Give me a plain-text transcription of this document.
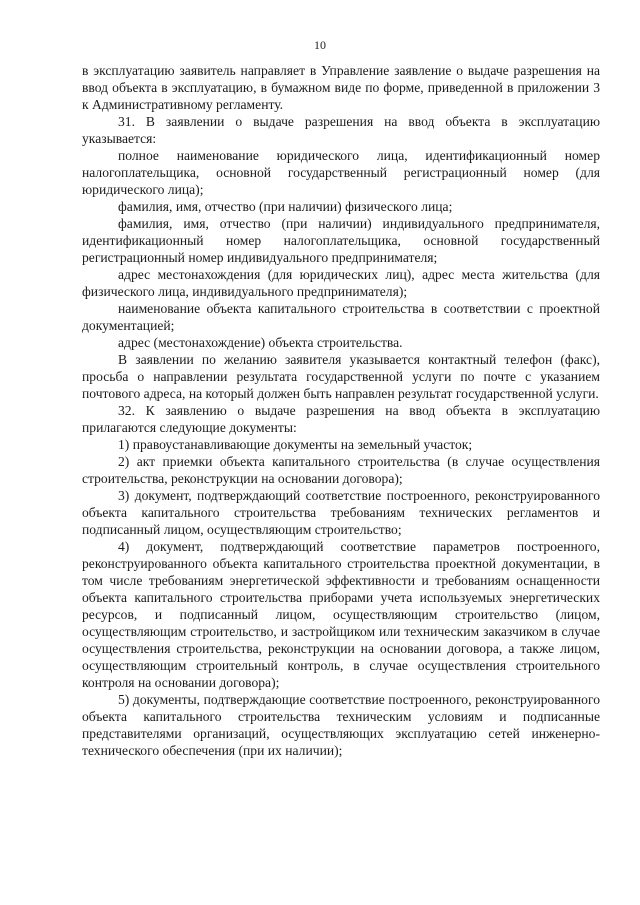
10

в эксплуатацию заявитель направляет в Управление заявление о выдаче разрешения на ввод объекта в эксплуатацию, в бумажном виде по форме, приведенной в приложении 3 к Административному регламенту.

31. В заявлении о выдаче разрешения на ввод объекта в эксплуатацию указывается:

полное наименование юридического лица, идентификационный номер налогоплательщика, основной государственный регистрационный номер (для юридического лица);

фамилия, имя, отчество (при наличии) физического лица;

фамилия, имя, отчество (при наличии) индивидуального предпринимателя, идентификационный номер налогоплательщика, основной государственный регистрационный номер индивидуального предпринимателя;

адрес местонахождения (для юридических лиц), адрес места жительства (для физического лица, индивидуального предпринимателя);

наименование объекта капитального строительства в соответствии с проектной документацией;

адрес (местонахождение) объекта строительства.

В заявлении по желанию заявителя указывается контактный телефон (факс), просьба о направлении результата государственной услуги по почте с указанием почтового адреса, на который должен быть направлен результат государственной услуги.

32. К заявлению о выдаче разрешения на ввод объекта в эксплуатацию прилагаются следующие документы:

1) правоустанавливающие документы на земельный участок;

2) акт приемки объекта капитального строительства (в случае осуществления строительства, реконструкции на основании договора);

3) документ, подтверждающий соответствие построенного, реконструированного объекта капитального строительства требованиям технических регламентов и подписанный лицом, осуществляющим строительство;

4) документ, подтверждающий соответствие параметров построенного, реконструированного объекта капитального строительства проектной документации, в том числе требованиям энергетической эффективности и требованиям оснащенности объекта капитального строительства приборами учета используемых энергетических ресурсов, и подписанный лицом, осуществляющим строительство (лицом, осуществляющим строительство, и застройщиком или техническим заказчиком в случае осуществления строительства, реконструкции на основании договора, а также лицом, осуществляющим строительный контроль, в случае осуществления строительного контроля на основании договора);

5) документы, подтверждающие соответствие построенного, реконструированного объекта капитального строительства техническим условиям и подписанные представителями организаций, осуществляющих эксплуатацию сетей инженерно-технического обеспечения (при их наличии);
